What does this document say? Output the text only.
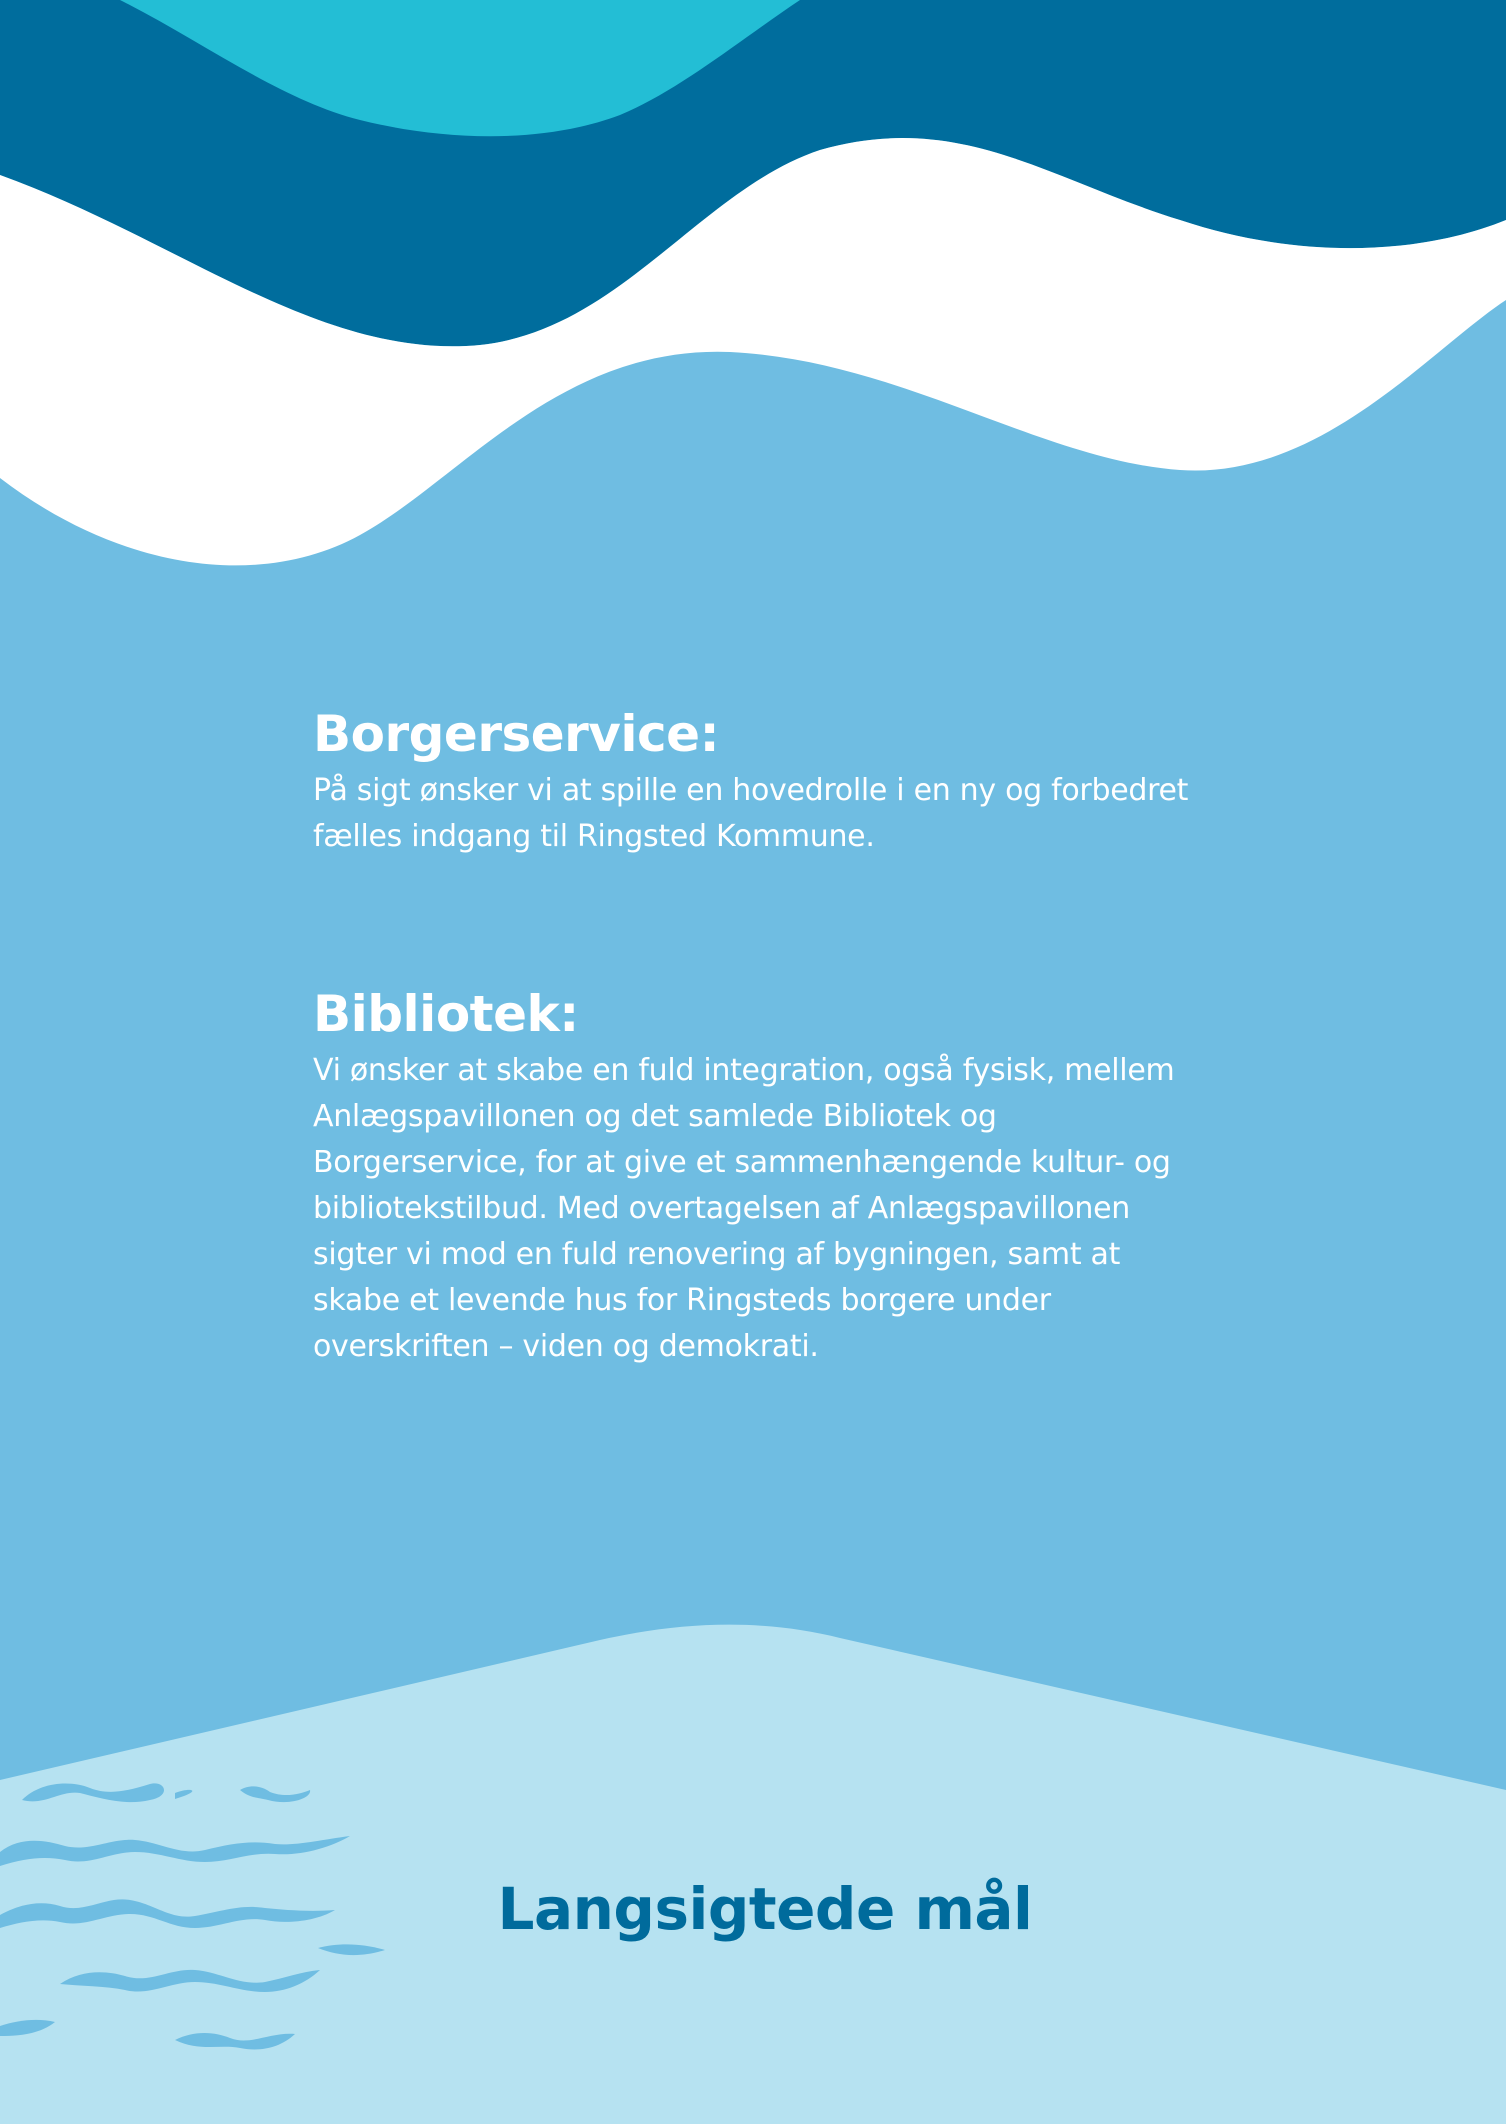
Borgerservice:

På sigt ønsker vi at spille en hovedrolle i en ny og forbedret
fælles indgang til Ringsted Kommune.

Bibliotek:

Vi ønsker at skabe en fuld integration, også fysisk, mellem
Anlægspavillonen og det samlede Bibliotek og
Borgerservice, for at give et sammenhængende kultur- og
bibliotekstilbud. Med overtagelsen af Anlægspavillonen
sigter vi mod en fuld renovering af bygningen, samt at
skabe et levende hus for Ringsteds borgere under
overskriften – viden og demokrati.

Langsigtede mål
